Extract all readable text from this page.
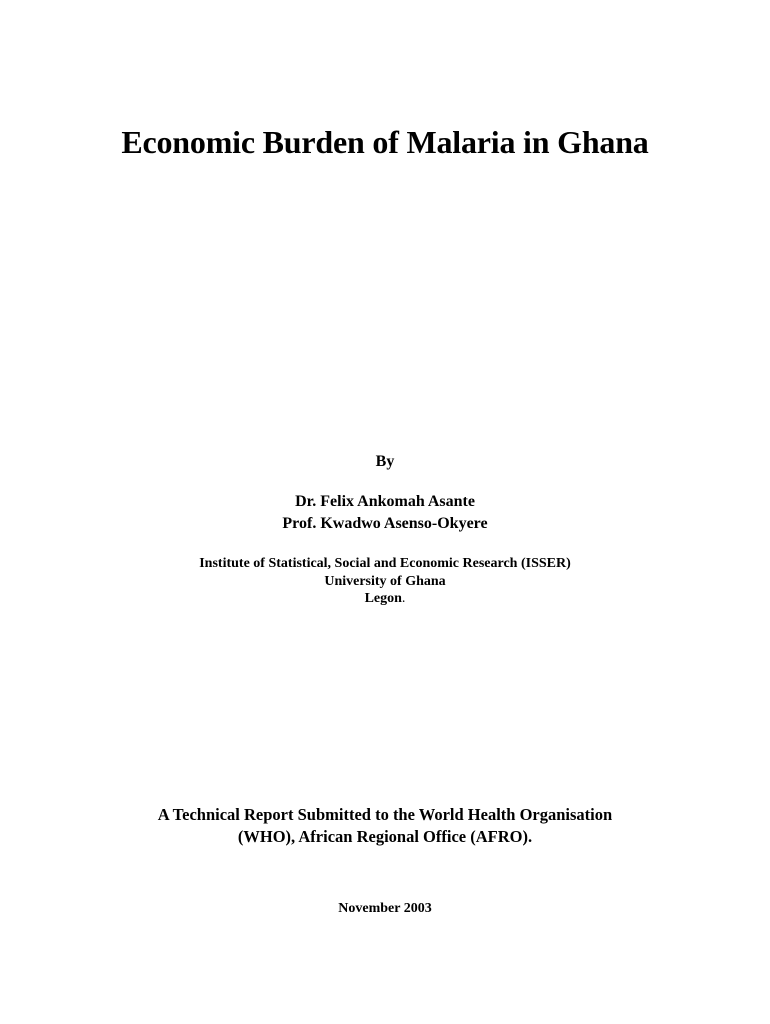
Economic Burden of Malaria in Ghana
By
Dr. Felix Ankomah Asante
Prof. Kwadwo Asenso-Okyere
Institute of Statistical, Social and Economic Research (ISSER)
University of Ghana
Legon.
A Technical Report Submitted to the World Health Organisation
(WHO), African Regional Office (AFRO).
November 2003
